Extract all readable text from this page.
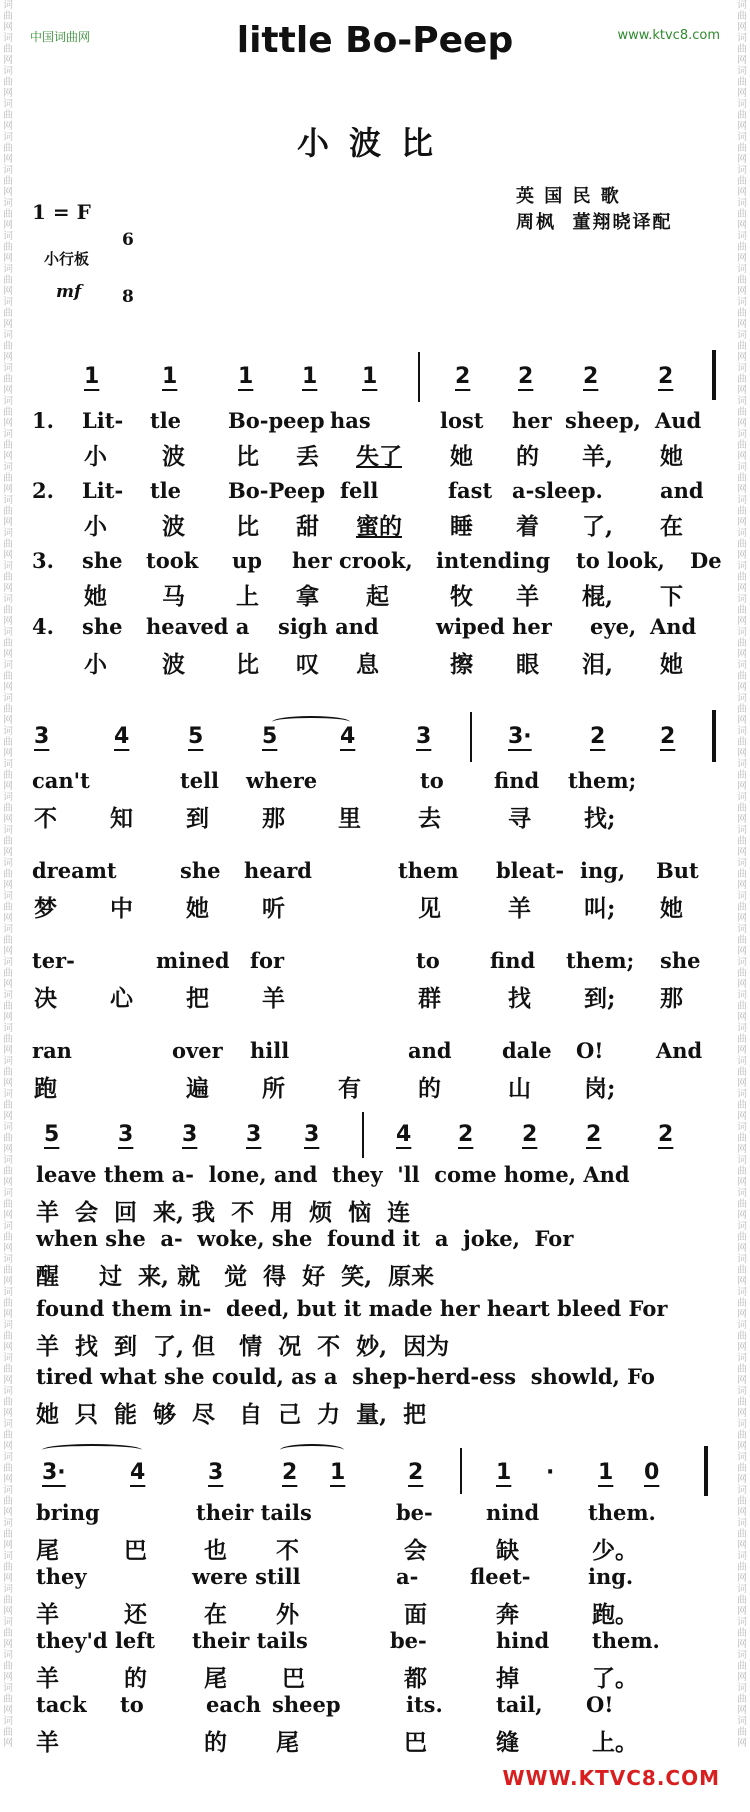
词曲网词曲网词曲网词曲网词曲网词曲网词曲网词曲网词曲网词曲网词曲网词曲网词曲网词曲网词曲网词曲网词曲网词曲网词曲网词曲网词曲网词曲网词曲网词曲网词曲网词曲网词曲网词曲网词曲网词曲网词曲网词曲网词曲网词曲网词曲网词曲网词曲网词曲网词曲网词曲网词曲网词曲网词曲网词曲网词曲网词曲网词曲网词曲网词曲网词曲网词曲网词曲网词曲网
词曲网词曲网词曲网词曲网词曲网词曲网词曲网词曲网词曲网词曲网词曲网词曲网词曲网词曲网词曲网词曲网词曲网词曲网词曲网词曲网词曲网词曲网词曲网词曲网词曲网词曲网词曲网词曲网词曲网词曲网词曲网词曲网词曲网词曲网词曲网词曲网词曲网词曲网词曲网词曲网词曲网词曲网词曲网词曲网词曲网词曲网词曲网词曲网词曲网词曲网词曲网词曲网词曲网
中国词曲网	www.ktvc8.com
little Bo-Peep
小波比
1 = F

6

8

英 国 民 歌
周枫  董翔晓译配
小行板
mf
1	1	1 1 1	2 2 2	2
1.
2.
3.
4.
Lit- tle Bo-peep has	lost her sheep, Aud
小 波 比 丢 失了 她 的 羊, 她
Lit- tle Bo-Peep fell	fast a-sleep.	and
小 波 比 甜 蜜的 睡 着 了, 在
she took up her crook, intending to look, De
她 马 上 拿 起	牧 羊 棍, 下
she heaved a sigh and	wiped her eye, And
小 波 比 叹 息	擦 眼 泪, 她
3	4	5	5	4	3	3·	2 2
can't	tell where	to find them;
不 知 到 那 里 去	寻 找;
dreamt	she heard	them bleat- ing, But
梦 中 她 听	见	羊 叫; 她
ter-	mined for	to find them; she
决 心 把 羊	群	找 到; 那
ran	over hill	and dale O! And
跑	遍 所 有 的	山 岗;
5	3 3 3 3	4 2 2 2	2
leave them a-  lone, and  they  'll  come home, And
羊  会  回  来, 我  不  用  烦  恼  连
when she  a-  woke, she  found it  a  joke,  For
醒     过  来, 就   觉  得  好  笑,  原来
found them in-  deed, but it made her heart bleed For
羊  找  到  了, 但   情  况  不  妙,  因为
tired what she could, as a  shep-herd-ess  showld, Fo
她  只  能  够  尽   自  己  力  量,  把
3·	4	3	2 1	2	1 · 1 0
bring	their tails	be-	nind them.
尾	巴 也 不	会	缺	少。
they	were still	a- fleet-	ing.
羊	还 在 外	面	奔	跑。
they'd left their tails	be-	hind them.
羊	的 尾 巴	都	掉	了。
tack to	each sheep	its.	tail, O!
羊	的 尾	巴	缝	上。
WWW.KTVC8.COM
